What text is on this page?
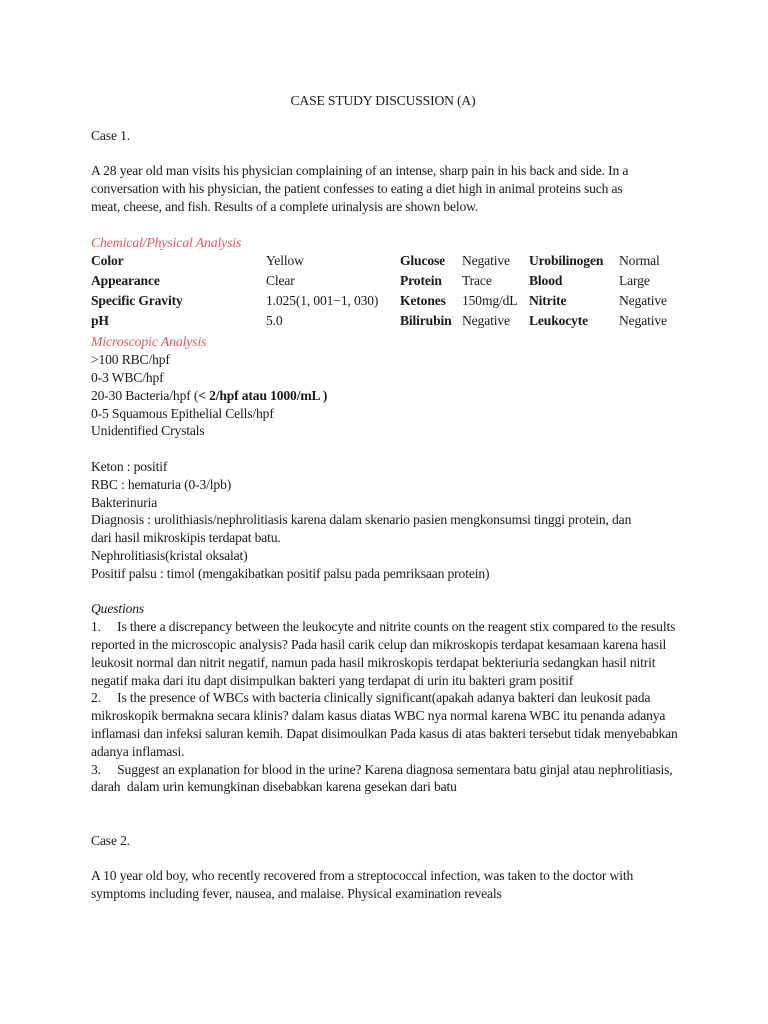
CASE STUDY DISCUSSION (A)

Case 1.

A 28 year old man visits his physician complaining of an intense, sharp pain in his back and side. In a conversation with his physician, the patient confesses to eating a diet high in animal proteins such as meat, cheese, and fish. Results of a complete urinalysis are shown below.

Chemical/Physical Analysis

Color	Yellow	Glucose	Negative	Urobilinogen	Normal
Appearance	Clear	Protein	Trace	Blood	Large
Specific Gravity	1.025(1, 001−1, 030)	Ketones	150mg/dL	Nitrite	Negative
pH	5.0	Bilirubin	Negative	Leukocyte	Negative

Microscopic Analysis

>100 RBC/hpf

0-3 WBC/hpf

20-30 Bacteria/hpf (< 2/hpf atau 1000/mL )

0-5 Squamous Epithelial Cells/hpf

Unidentified Crystals

Keton : positif

RBC : hematuria (0-3/lpb)

Bakterinuria

Diagnosis : urolithiasis/nephrolitiasis karena dalam skenario pasien mengkonsumsi tinggi protein, dan dari hasil mikroskipis terdapat batu.

Nephrolitiasis(kristal oksalat)

Positif palsu : timol (mengakibatkan positif palsu pada pemriksaan protein)

Questions

1.     Is there a discrepancy between the leukocyte and nitrite counts on the reagent stix compared to the results reported in the microscopic analysis? Pada hasil carik celup dan mikroskopis terdapat kesamaan karena hasil leukosit normal dan nitrit negatif, namun pada hasil mikroskopis terdapat bekteriuria sedangkan hasil nitrit negatif maka dari itu dapt disimpulkan bakteri yang terdapat di urin itu bakteri gram positif

2.     Is the presence of WBCs with bacteria clinically significant(apakah adanya bakteri dan leukosit pada mikroskopik bermakna secara klinis? dalam kasus diatas WBC nya normal karena WBC itu penanda adanya inflamasi dan infeksi saluran kemih. Dapat disimoulkan Pada kasus di atas bakteri tersebut tidak menyebabkan adanya inflamasi.

3.     Suggest an explanation for blood in the urine? Karena diagnosa sementara batu ginjal atau nephrolitiasis, darah  dalam urin kemungkinan disebabkan karena gesekan dari batu

Case 2.

A 10 year old boy, who recently recovered from a streptococcal infection, was taken to the doctor with symptoms including fever, nausea, and malaise. Physical examination reveals
